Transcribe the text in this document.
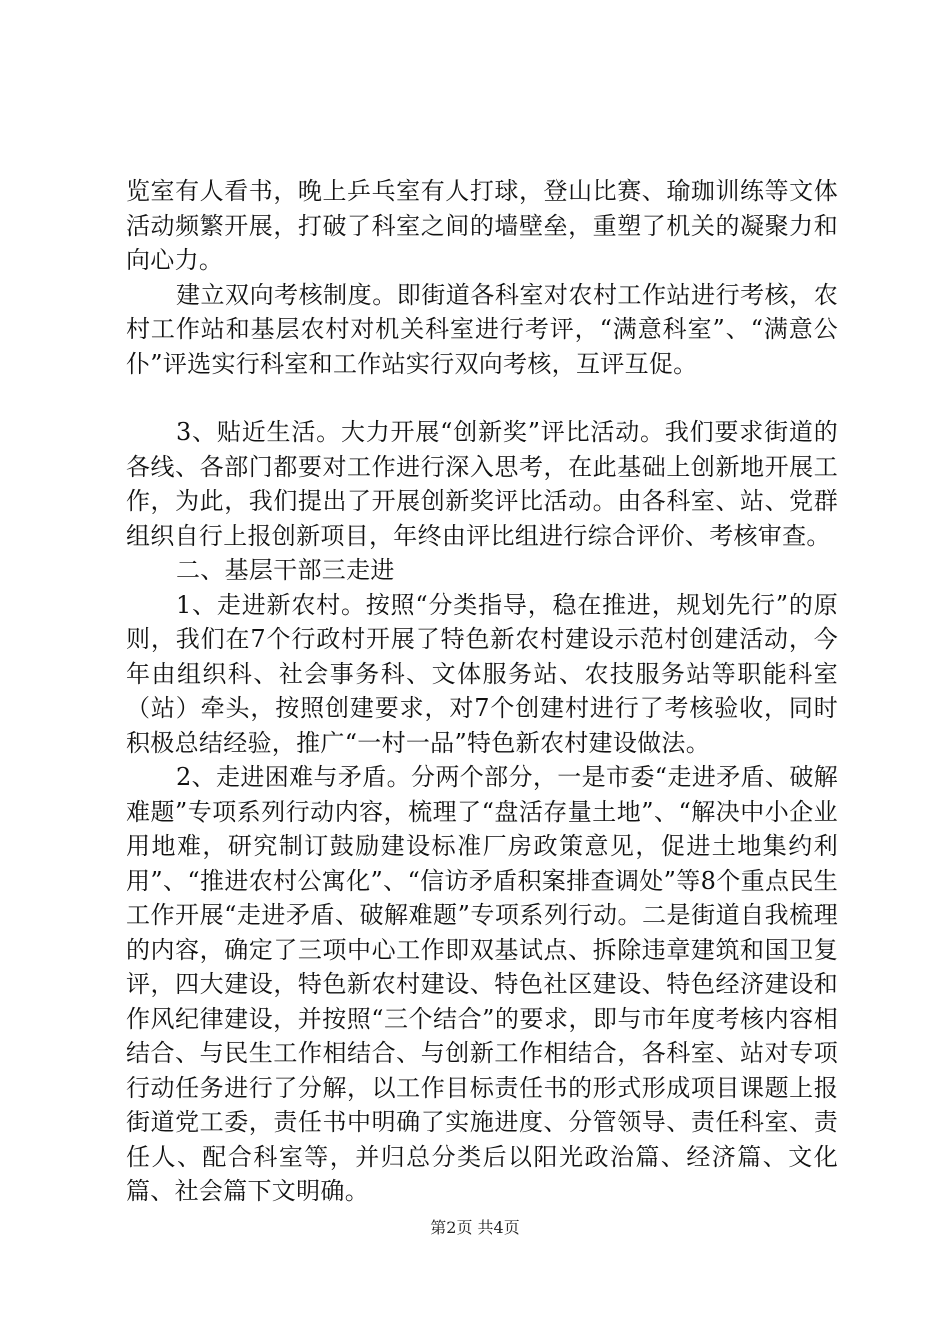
览室有人看书，晚上乒乓室有人打球，登山比赛、瑜珈训练等文体活动频繁开展，打破了科室之间的墙壁垒，重塑了机关的凝聚力和向心力。

建立双向考核制度。即街道各科室对农村工作站进行考核，农村工作站和基层农村对机关科室进行考评，“满意科室”、“满意公仆”评选实行科室和工作站实行双向考核，互评互促。

3、贴近生活。大力开展“创新奖”评比活动。我们要求街道的各线、各部门都要对工作进行深入思考，在此基础上创新地开展工作，为此，我们提出了开展创新奖评比活动。由各科室、站、党群组织自行上报创新项目，年终由评比组进行综合评价、考核审查。

二、基层干部三走进

1、走进新农村。按照“分类指导，稳在推进，规划先行”的原则，我们在7个行政村开展了特色新农村建设示范村创建活动，今年由组织科、社会事务科、文体服务站、农技服务站等职能科室（站）牵头，按照创建要求，对7个创建村进行了考核验收，同时积极总结经验，推广“一村一品”特色新农村建设做法。

2、走进困难与矛盾。分两个部分，一是市委“走进矛盾、破解难题”专项系列行动内容，梳理了“盘活存量土地”、“解决中小企业用地难，研究制订鼓励建设标准厂房政策意见，促进土地集约利用”、“推进农村公寓化”、“信访矛盾积案排查调处”等8个重点民生工作开展“走进矛盾、破解难题”专项系列行动。二是街道自我梳理的内容，确定了三项中心工作即双基试点、拆除违章建筑和国卫复评，四大建设，特色新农村建设、特色社区建设、特色经济建设和作风纪律建设，并按照“三个结合”的要求，即与市年度考核内容相结合、与民生工作相结合、与创新工作相结合，各科室、站对专项行动任务进行了分解，以工作目标责任书的形式形成项目课题上报街道党工委，责任书中明确了实施进度、分管领导、责任科室、责任人、配合科室等，并归总分类后以阳光政治篇、经济篇、文化篇、社会篇下文明确。

第2页 共4页
